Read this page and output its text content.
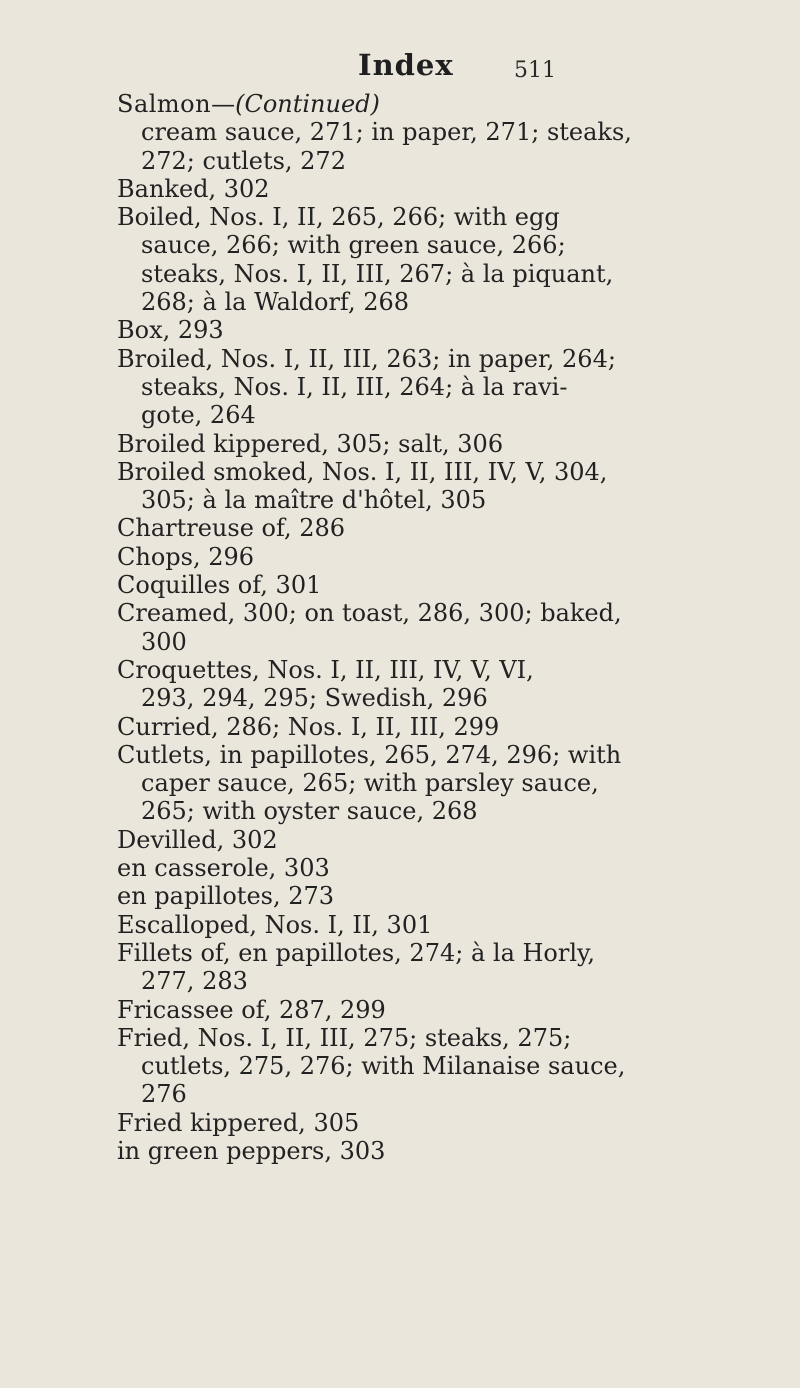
Index	511

Salmon—(Continued)

cream sauce, 271; in paper, 271; steaks,
272; cutlets, 272
Banked, 302
Boiled, Nos. I, II, 265, 266; with egg
sauce, 266; with green sauce, 266;
steaks, Nos. I, II, III, 267; à la piquant,
268; à la Waldorf, 268
Box, 293
Broiled, Nos. I, II, III, 263; in paper, 264;
steaks, Nos. I, II, III, 264; à la ravi-
gote, 264
Broiled kippered, 305; salt, 306
Broiled smoked, Nos. I, II, III, IV, V, 304,
305; à la maître d'hôtel, 305
Chartreuse of, 286
Chops, 296
Coquilles of, 301
Creamed, 300; on toast, 286, 300; baked,
300
Croquettes, Nos. I, II, III, IV, V, VI,
293, 294, 295; Swedish, 296
Curried, 286; Nos. I, II, III, 299
Cutlets, in papillotes, 265, 274, 296; with
caper sauce, 265; with parsley sauce,
265; with oyster sauce, 268
Devilled, 302
en casserole, 303
en papillotes, 273
Escalloped, Nos. I, II, 301
Fillets of, en papillotes, 274; à la Horly,
277, 283
Fricassee of, 287, 299
Fried, Nos. I, II, III, 275; steaks, 275;
cutlets, 275, 276; with Milanaise sauce,
276
Fried kippered, 305
in green peppers, 303
